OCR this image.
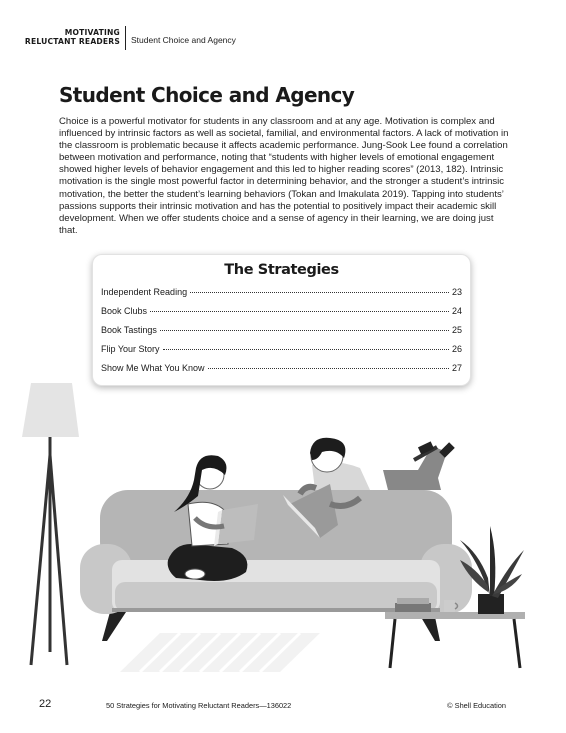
MOTIVATING
RELUCTANT READERS Student Choice and Agency
Student Choice and Agency

Choice is a powerful motivator for students in any classroom and at any age. Motivation is complex and influenced by intrinsic factors as well as societal, familial, and environmental factors. A lack of motivation in the classroom is problematic because it affects academic performance. Jung-Sook Lee found a correlation between motivation and performance, noting that “students with higher levels of emotional engagement showed higher levels of behavior engagement and this led to higher reading scores” (2013, 182). Intrinsic motivation is the single most powerful factor in determining behavior, and the stronger a student’s intrinsic motivation, the better the student’s learning behaviors (Tokan and Imakulata 2019). Tapping into students’ passions supports their intrinsic motivation and has the potential to positively impact their academic skill development. When we offer students choice and a sense of agency in their learning, we are doing just that.

The Strategies
Independent Reading	23
Book Clubs	24
Book Tastings	25
Flip Your Story	26
Show Me What You Know	27
22	50 Strategies for Motivating Reluctant Readers—136022	© Shell Education
